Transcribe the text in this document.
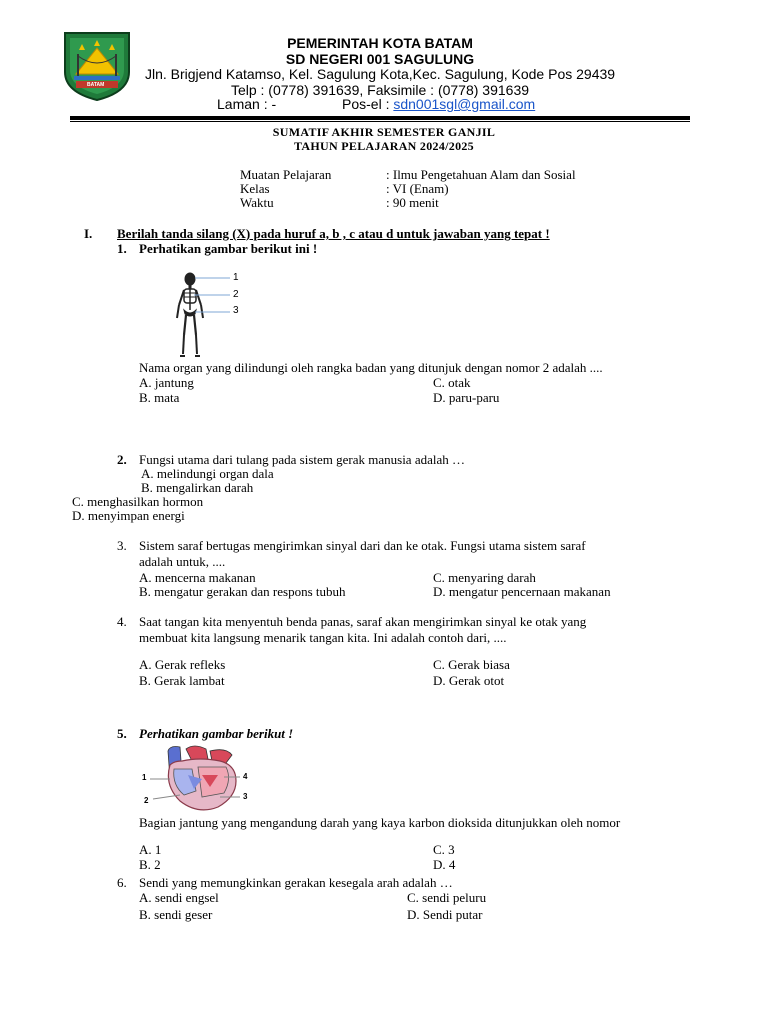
BATAM
PEMERINTAH KOTA BATAM
SD NEGERI 001 SAGULUNG
Jln. Brigjend Katamso, Kel. Sagulung Kota,Kec. Sagulung, Kode Pos 29439
Telp : (0778) 391639, Faksimile : (0778) 391639
Laman : -	Pos-el : sdn001sgl@gmail.com
SUMATIF AKHIR SEMESTER GANJIL
TAHUN PELAJARAN 2024/2025
Muatan Pelajaran	: Ilmu Pengetahuan Alam dan Sosial
Kelas	: VI (Enam)
Waktu	: 90 menit
I. Berilah tanda silang (X) pada huruf a, b , c atau d untuk jawaban yang tepat !
1. Perhatikan gambar berikut ini !
1
2
3
Nama organ yang dilindungi oleh rangka badan yang ditunjuk dengan nomor 2 adalah ....
A. jantung	C. otak
B. mata	D. paru-paru
2. Fungsi utama dari tulang pada sistem gerak manusia adalah …
A. melindungi organ dala
B. mengalirkan darah
C. menghasilkan hormon
D. menyimpan energi
3. Sistem saraf bertugas mengirimkan sinyal dari dan ke otak. Fungsi utama sistem saraf
adalah untuk, ....
A. mencerna makanan	C. menyaring darah
B. mengatur gerakan dan respons tubuh	D. mengatur pencernaan makanan
4. Saat tangan kita menyentuh benda panas, saraf akan mengirimkan sinyal ke otak yang
membuat kita langsung menarik tangan kita. Ini adalah contoh dari, ....
A. Gerak refleks	C. Gerak biasa
B. Gerak lambat	D. Gerak otot
5. Perhatikan gambar berikut !
1
2	3
4
Bagian jantung yang mengandung darah yang kaya karbon dioksida ditunjukkan oleh nomor
A. 1	C. 3
B. 2	D. 4
6. Sendi yang memungkinkan gerakan kesegala arah adalah …
A. sendi engsel	C. sendi peluru
B. sendi geser	D. Sendi putar
